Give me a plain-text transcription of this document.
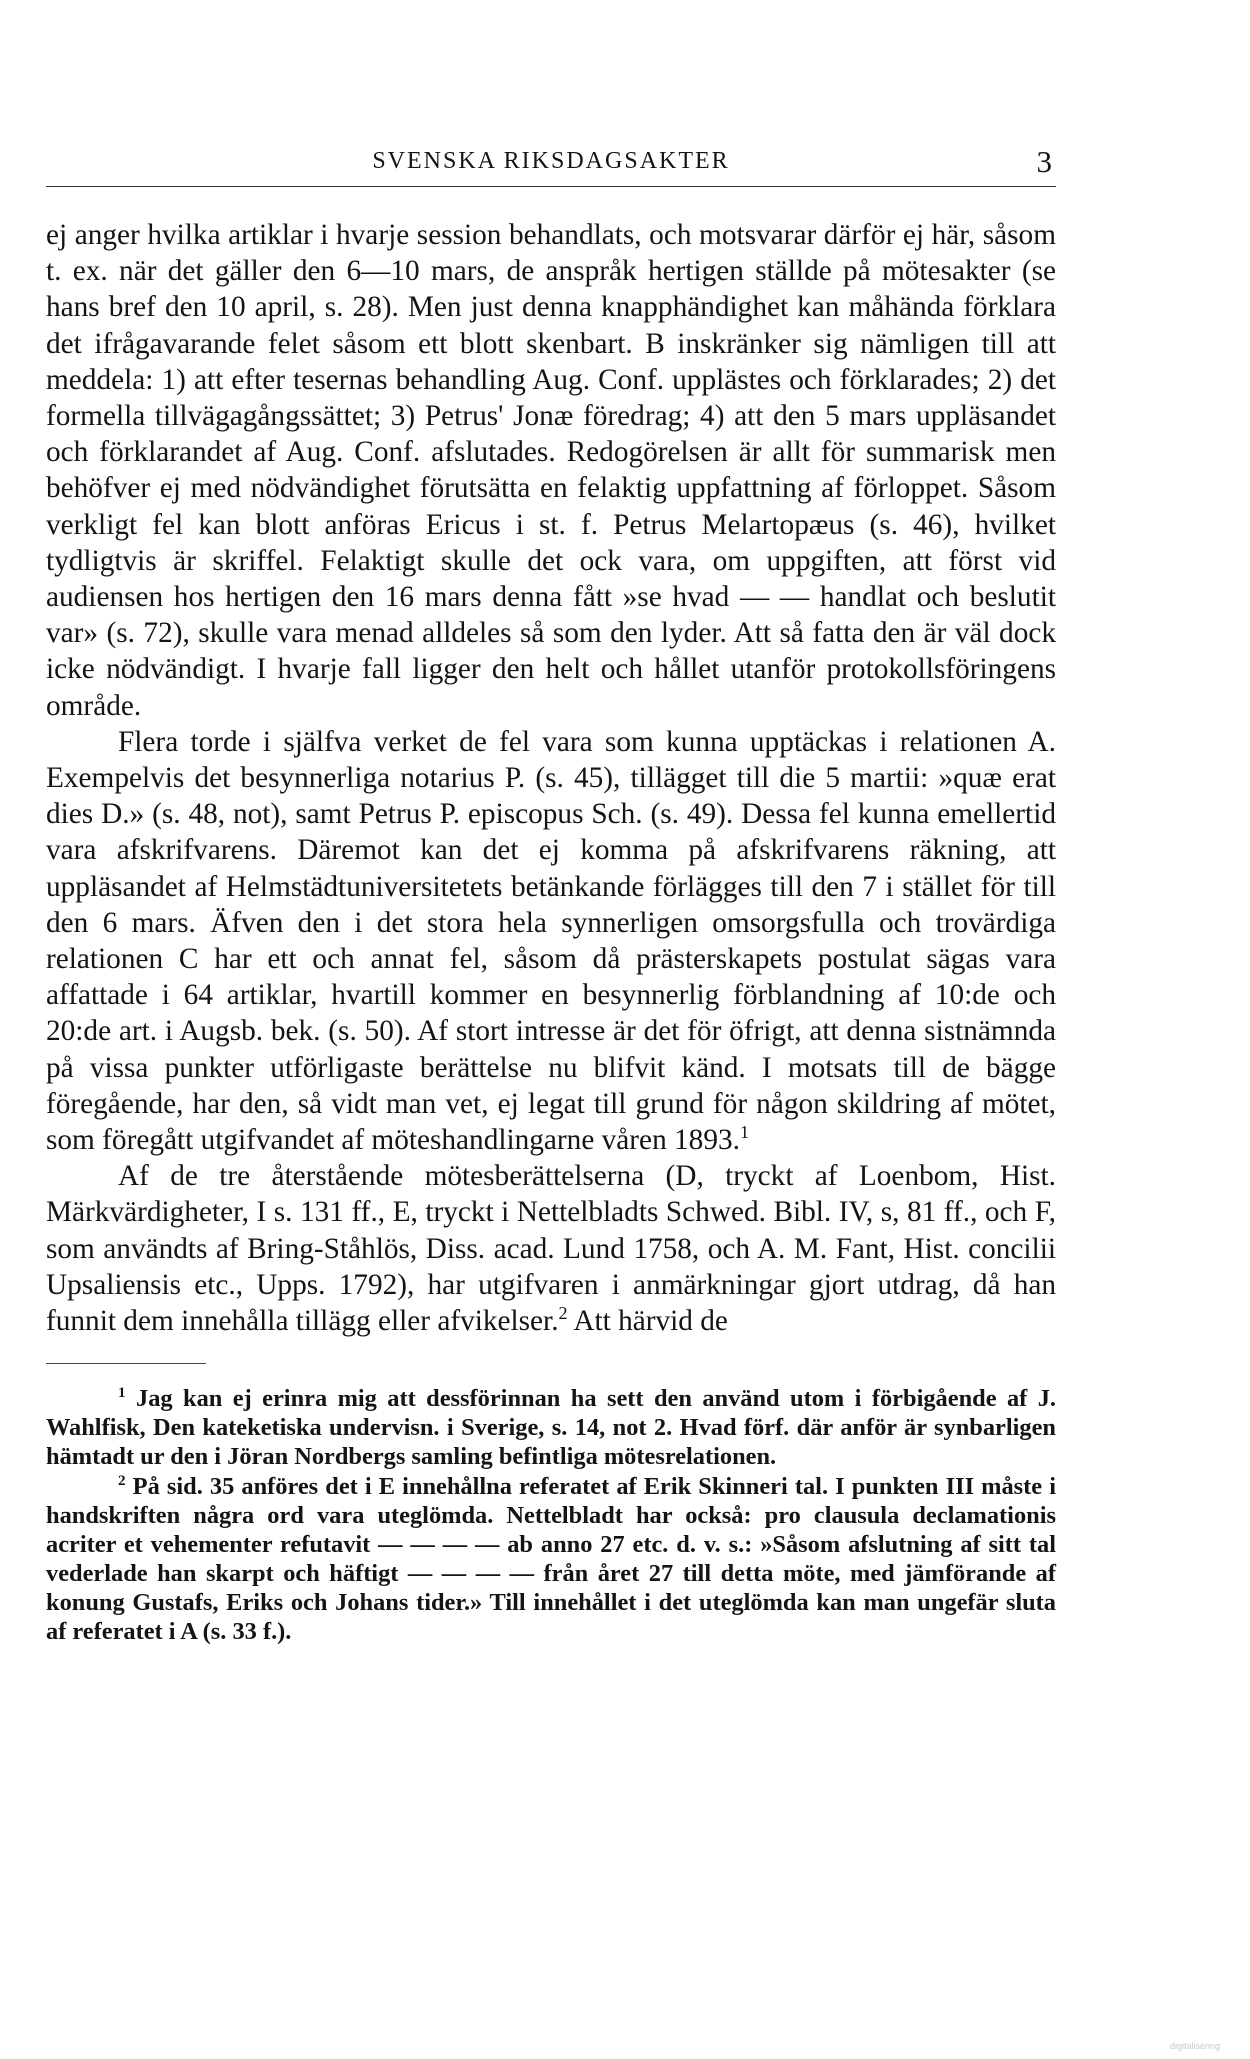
SVENSKA RIKSDAGSAKTER	3

ej anger hvilka artiklar i hvarje session behandlats, och motsvarar därför ej här, såsom t. ex. när det gäller den 6—10 mars, de anspråk hertigen ställde på mötesakter (se hans bref den 10 april, s. 28). Men just denna knapphändighet kan måhända förklara det ifrågavarande felet såsom ett blott skenbart. B inskränker sig nämligen till att meddela: 1) att efter tesernas behandling Aug. Conf. upplästes och förklarades; 2) det formella tillvägagångssättet; 3) Petrus' Jonæ föredrag; 4) att den 5 mars uppläsandet och förklarandet af Aug. Conf. afslutades. Redogörelsen är allt för summarisk men behöfver ej med nödvändighet förutsätta en felaktig uppfattning af förloppet. Såsom verkligt fel kan blott anföras Ericus i st. f. Petrus Melartopæus (s. 46), hvilket tydligtvis är skriffel. Felaktigt skulle det ock vara, om uppgiften, att först vid audiensen hos hertigen den 16 mars denna fått »se hvad — — handlat och beslutit var» (s. 72), skulle vara menad alldeles så som den lyder. Att så fatta den är väl dock icke nödvändigt. I hvarje fall ligger den helt och hållet utanför protokollsföringens område.

Flera torde i själfva verket de fel vara som kunna upptäckas i relationen A. Exempelvis det besynnerliga notarius P. (s. 45), tillägget till die 5 martii: »quæ erat dies D.» (s. 48, not), samt Petrus P. episcopus Sch. (s. 49). Dessa fel kunna emellertid vara afskrifvarens. Däremot kan det ej komma på afskrifvarens räkning, att uppläsandet af Helmstädtuniversitetets betänkande förlägges till den 7 i stället för till den 6 mars. Äfven den i det stora hela synnerligen omsorgsfulla och trovärdiga relationen C har ett och annat fel, såsom då prästerskapets postulat sägas vara affattade i 64 artiklar, hvartill kommer en besynnerlig förblandning af 10:de och 20:de art. i Augsb. bek. (s. 50). Af stort intresse är det för öfrigt, att denna sistnämnda på vissa punkter utförligaste berättelse nu blifvit känd. I motsats till de bägge föregående, har den, så vidt man vet, ej legat till grund för någon skildring af mötet, som föregått utgifvandet af möteshandlingarne våren 1893.$^1$

Af de tre återstående mötesberättelserna (D, tryckt af Loenbom, Hist. Märkvärdigheter, I s. 131 ff., E, tryckt i Nettelbladts Schwed. Bibl. IV, s, 81 ff., och F, som användts af Bring-Ståhlös, Diss. acad. Lund 1758, och A. M. Fant, Hist. concilii Upsaliensis etc., Upps. 1792), har utgifvaren i anmärkningar gjort utdrag, då han funnit dem innehålla tillägg eller afvikelser.$^2$ Att härvid de

$^1$ Jag kan ej erinra mig att dessförinnan ha sett den använd utom i förbigående af J. Wahlfisk, Den kateketiska undervisn. i Sverige, s. 14, not 2. Hvad förf. där anför är synbarligen hämtadt ur den i Jöran Nordbergs samling befintliga mötesrelationen.

$^2$ På sid. 35 anföres det i E innehållna referatet af Erik Skinneri tal. I punkten III måste i handskriften några ord vara uteglömda. Nettelbladt har också: pro clausula declamationis acriter et vehementer refutavit — — — — ab anno 27 etc. d. v. s.: »Såsom afslutning af sitt tal vederlade han skarpt och häftigt — — — — från året 27 till detta möte, med jämförande af konung Gustafs, Eriks och Johans tider.» Till innehållet i det uteglömda kan man ungefär sluta af referatet i A (s. 33 f.).

digitalisering
